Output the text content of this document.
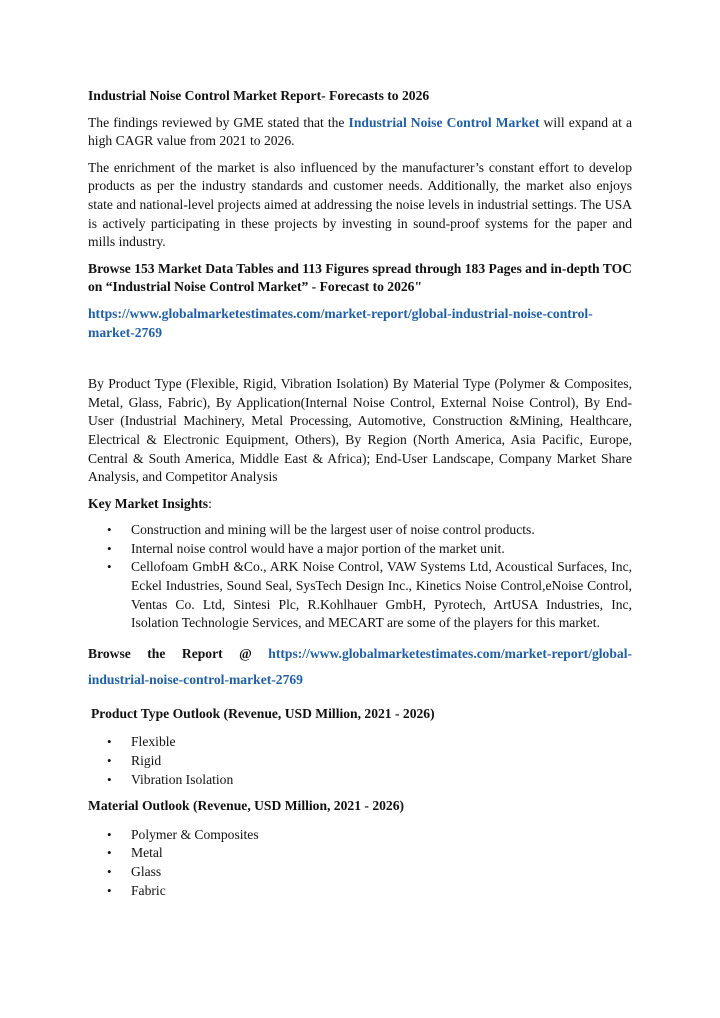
Industrial Noise Control Market Report- Forecasts to 2026

The findings reviewed by GME stated that the Industrial Noise Control Market will expand at a high CAGR value from 2021 to 2026.

The enrichment of the market is also influenced by the manufacturer’s constant effort to develop products as per the industry standards and customer needs. Additionally, the market also enjoys state and national-level projects aimed at addressing the noise levels in industrial settings. The USA is actively participating in these projects by investing in sound-proof systems for the paper and mills industry.

Browse 153 Market Data Tables and 113 Figures spread through 183 Pages and in-depth TOC on “Industrial Noise Control Market” - Forecast to 2026"

https://www.globalmarketestimates.com/market-report/global-industrial-noise-control-market-2769

By Product Type (Flexible, Rigid, Vibration Isolation) By Material Type (Polymer & Composites, Metal, Glass, Fabric), By Application(Internal Noise Control, External Noise Control), By End-User (Industrial Machinery, Metal Processing, Automotive, Construction &Mining, Healthcare, Electrical & Electronic Equipment, Others), By Region (North America, Asia Pacific, Europe, Central & South America, Middle East & Africa); End-User Landscape, Company Market Share Analysis, and Competitor Analysis

Key Market Insights:

• Construction and mining will be the largest user of noise control products.
• Internal noise control would have a major portion of the market unit.
• Cellofoam GmbH &Co., ARK Noise Control, VAW Systems Ltd, Acoustical Surfaces, Inc, Eckel Industries, Sound Seal, SysTech Design Inc., Kinetics Noise Control,eNoise Control, Ventas Co. Ltd, Sintesi Plc, R.Kohlhauer GmbH, Pyrotech, ArtUSA Industries, Inc, Isolation Technologie Services, and MECART are some of the players for this market.

Browse the Report @ https://www.globalmarketestimates.com/market-report/global-

industrial-noise-control-market-2769

Product Type Outlook (Revenue, USD Million, 2021 - 2026)

• Flexible
• Rigid
• Vibration Isolation

Material Outlook (Revenue, USD Million, 2021 - 2026)

• Polymer & Composites
• Metal
• Glass
• Fabric
